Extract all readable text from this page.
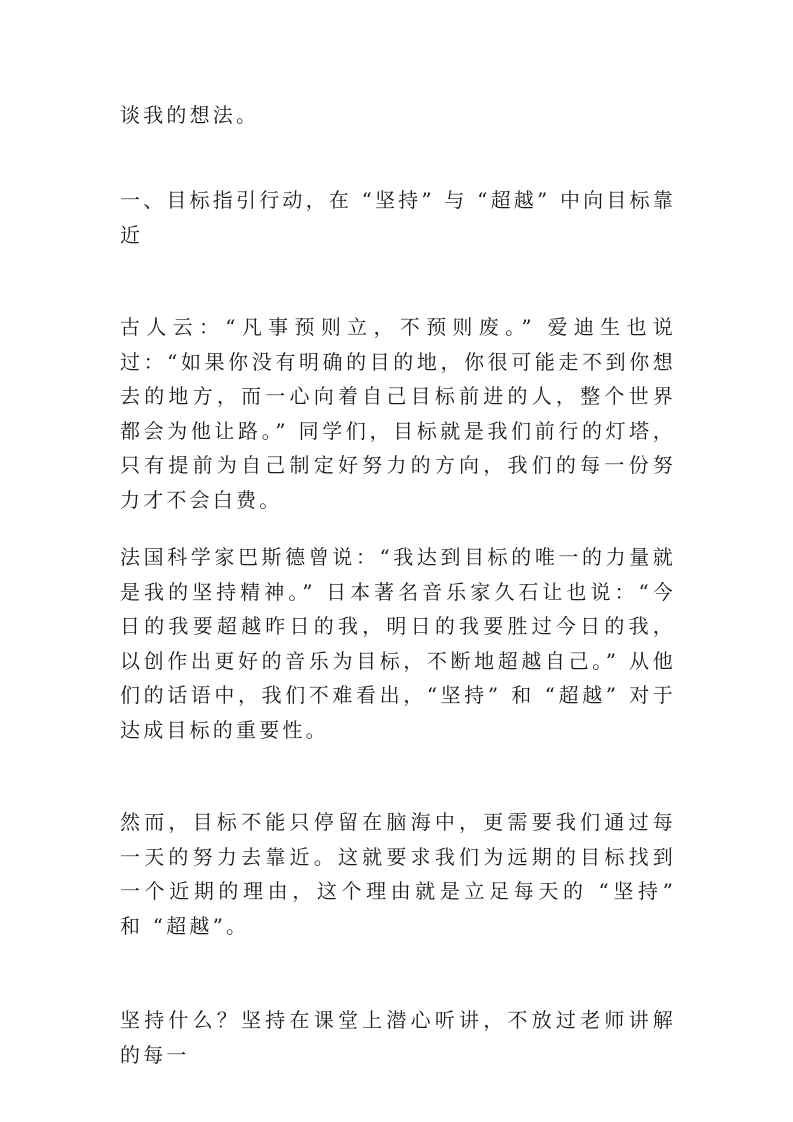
谈我的想法。

一、目标指引行动，在 “坚持” 与 “超越” 中向目标靠近

古人云：“凡事预则立，不预则废。” 爱迪生也说过：“如果你没有明确的目的地，你很可能走不到你想去的地方，而一心向着自己目标前进的人，整个世界都会为他让路。” 同学们，目标就是我们前行的灯塔，只有提前为自己制定好努力的方向，我们的每一份努力才不会白费。

法国科学家巴斯德曾说：“我达到目标的唯一的力量就是我的坚持精神。” 日本著名音乐家久石让也说：“今日的我要超越昨日的我，明日的我要胜过今日的我，以创作出更好的音乐为目标，不断地超越自己。” 从他们的话语中，我们不难看出，“坚持” 和 “超越” 对于达成目标的重要性。

然而，目标不能只停留在脑海中，更需要我们通过每一天的努力去靠近。这就要求我们为远期的目标找到一个近期的理由，这个理由就是立足每天的 “坚持” 和 “超越”。

坚持什么？坚持在课堂上潜心听讲，不放过老师讲解的每一
